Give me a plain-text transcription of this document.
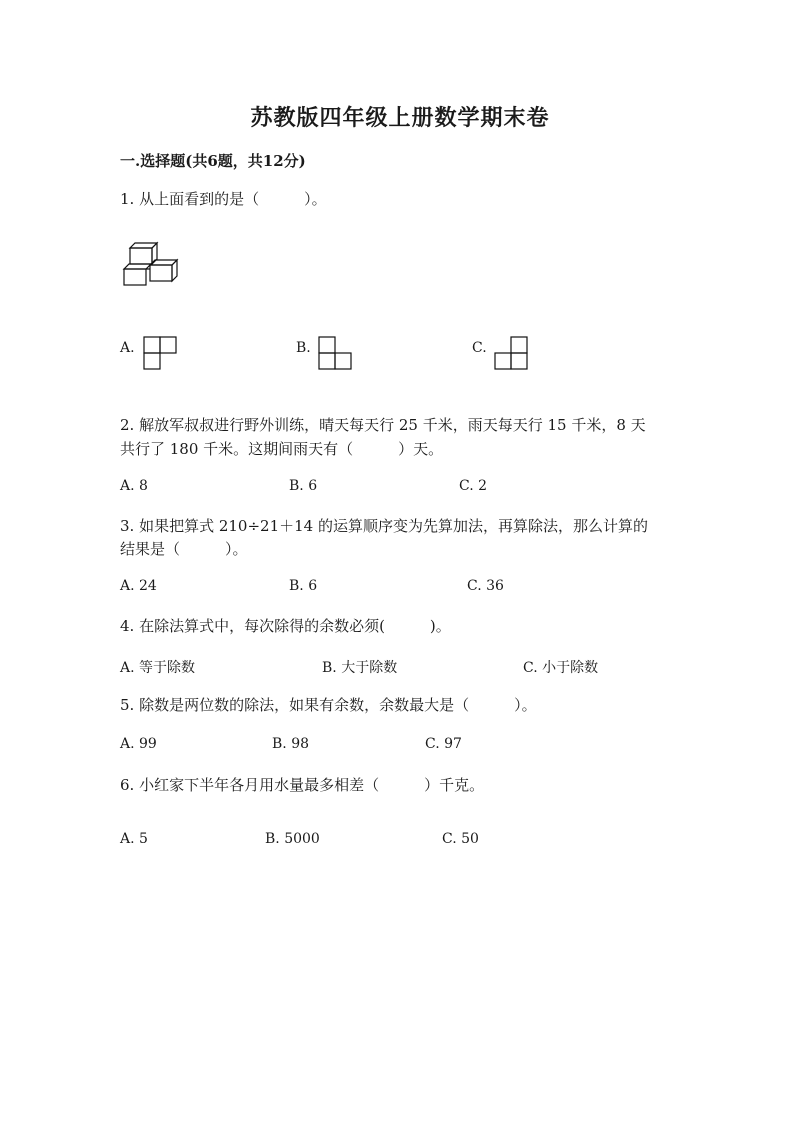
苏教版四年级上册数学期末卷
一.选择题(共6题，共12分)
1. 从上面看到的是（　　　）。
A.	B.	C.
2. 解放军叔叔进行野外训练，晴天每天行 25 千米，雨天每天行 15 千米，8 天
共行了 180 千米。这期间雨天有（　　　）天。
A. 8	B. 6	C. 2
3. 如果把算式 210÷21＋14 的运算顺序变为先算加法，再算除法，那么计算的
结果是（　　　）。
A. 24	B. 6	C. 36
4. 在除法算式中，每次除得的余数必须(　　　)。
A. 等于除数	B. 大于除数	C. 小于除数
5. 除数是两位数的除法，如果有余数，余数最大是（　　　）。
A. 99	B. 98	C. 97
6. 小红家下半年各月用水量最多相差（　　　）千克。
A. 5	B. 5000	C. 50
